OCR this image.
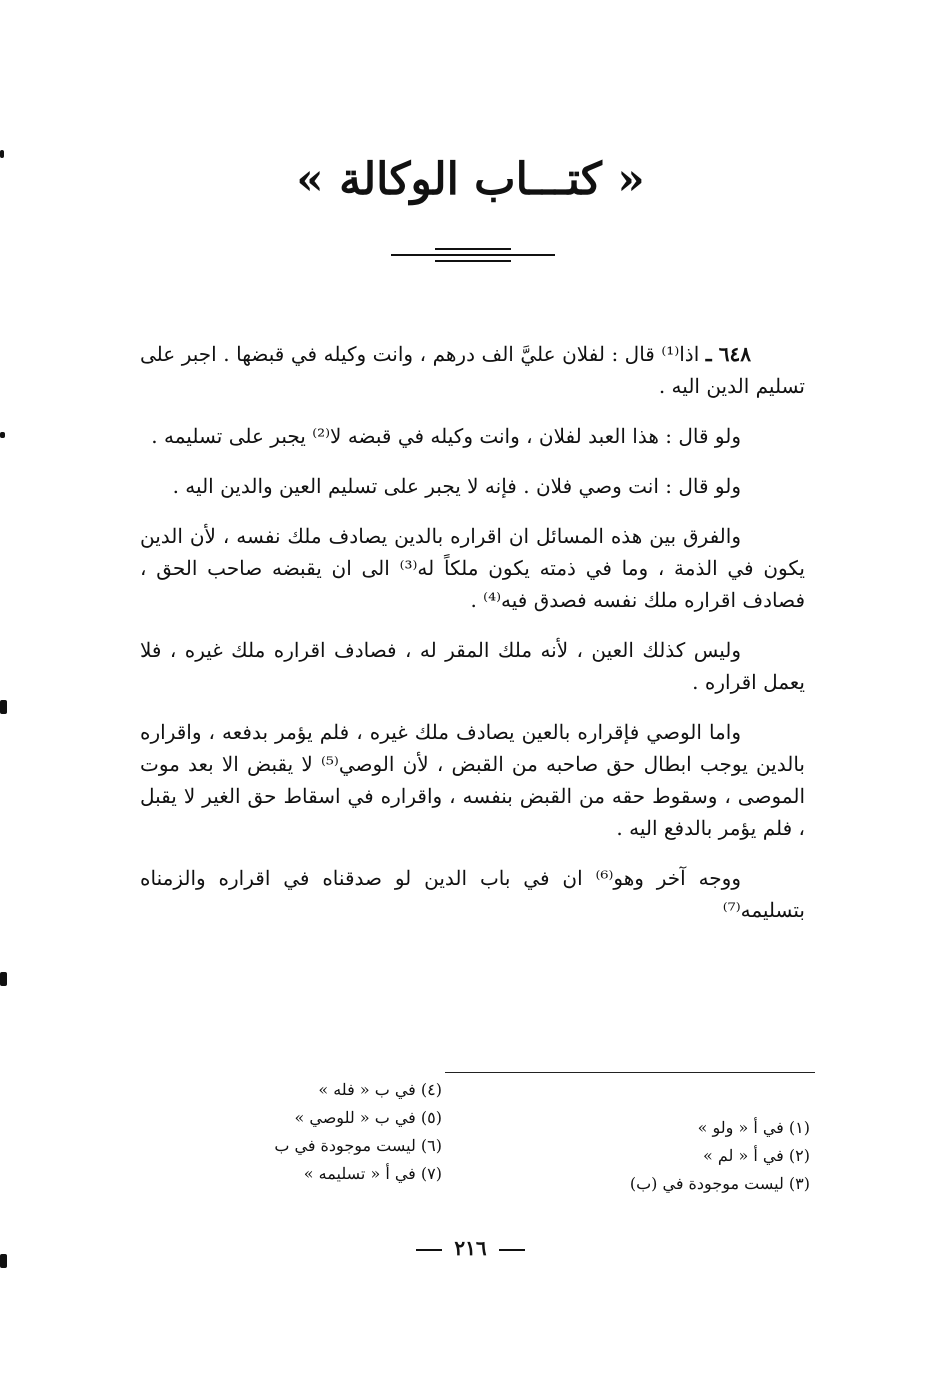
« كتـــاب الوكالة »

٦٤٨ ـ اذا⁽¹⁾ قال : لفلان عليَّ الف درهم ، وانت وكيله في قبضها . اجبر على تسليم الدين اليه .

ولو قال : هذا العبد لفلان ، وانت وكيله في قبضه لا⁽²⁾ يجبر على تسليمه .

ولو قال : انت وصي فلان . فإنه لا يجبر على تسليم العين والدين اليه .

والفرق بين هذه المسائل ان اقراره بالدين يصادف ملك نفسه ، لأن الدين يكون في الذمة ، وما في ذمته يكون ملكاً له⁽³⁾ الى ان يقبضه صاحب الحق ، فصادف اقراره ملك نفسه فصدق فيه⁽⁴⁾ .

وليس كذلك العين ، لأنه ملك المقر له ، فصادف اقراره ملك غيره ، فلا يعمل اقراره .

واما الوصي فإقراره بالعين يصادف ملك غيره ، فلم يؤمر بدفعه ، واقراره بالدين يوجب ابطال حق صاحبه من القبض ، لأن الوصي⁽⁵⁾ لا يقبض الا بعد موت الموصى ، وسقوط حقه من القبض بنفسه ، واقراره في اسقاط حق الغير لا يقبل ، فلم يؤمر بالدفع اليه .

ووجه آخر وهو⁽⁶⁾ ان في باب الدين لو صدقناه في اقراره والزمناه بتسليمه⁽⁷⁾

(١) في أ « ولو »
(٢) في أ « لم »
(٣) ليست موجودة في (ب)
(٤) في ب « فله »
(٥) في ب « للوصي »
(٦) ليست موجودة في ب
(٧) في أ « تسليمه »
٢١٦
